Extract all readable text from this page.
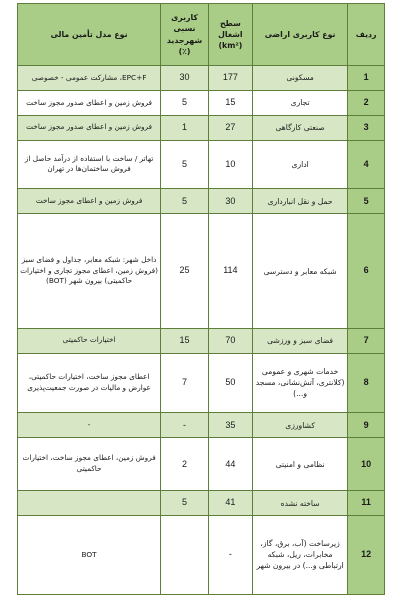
ردیف	نوع کاربری اراضی	سطح اشغال (km²)	کاربری نسبی شهرجدید (٪)	نوع مدل تأمین مالی
1	مسکونی	177	30	EPC+F، مشارکت عمومی - خصوصی
2	تجاری	15	5	فروش زمین و اعطای صدور مجوز ساخت
3	صنعتی کارگاهی	27	1	فروش زمین و اعطای صدور مجوز ساخت
4	اداری	10	5	تهاتر / ساخت با استفاده از درآمد حاصل از فروش ساختمان‌ها در تهران
5	حمل و نقل انبارداری	30	5	فروش زمین و اعطای مجوز ساخت
6	شبکه معابر و دسترسی	114	25	داخل شهر: شبکه معابر، جداول و فضای سبز (فروش زمین، اعطای مجوز تجاری و اختیارات حاکمیتی) بیرون شهر (BOT)
7	فضای سبز و ورزشی	70	15	اختیارات حاکمیتی
8	خدمات شهری و عمومی (کلانتری، آتش‌نشانی، مسجد و...)	50	7	اعطای مجوز ساخت، اختیارات حاکمیتی، عوارض و مالیات در صورت جمعیت‌پذیری
9	کشاورزی	35	-	-
10	نظامی و امنیتی	44	2	فروش زمین، اعطای مجوز ساخت، اختیارات حاکمیتی
11	ساخته نشده	41	5	
12	زیرساخت (آب، برق، گاز، مخابرات، ریل، شبکه ارتباطی و...) در بیرون شهر	-		BOT
